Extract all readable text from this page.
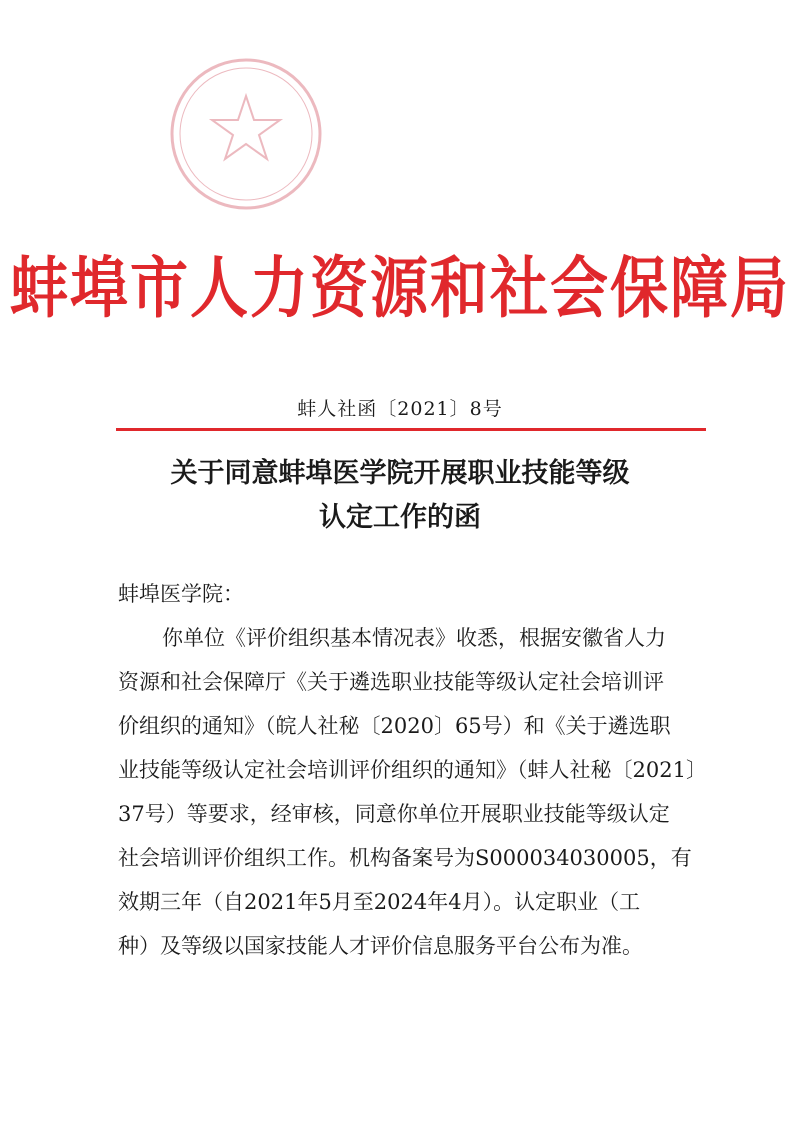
蚌埠市人力资源和社会保障局
蚌人社函〔2021〕8号
关于同意蚌埠医学院开展职业技能等级
认定工作的函
蚌埠医学院：
你单位《评价组织基本情况表》收悉，根据安徽省人力
资源和社会保障厅《关于遴选职业技能等级认定社会培训评
价组织的通知》（皖人社秘〔2020〕65号）和《关于遴选职
业技能等级认定社会培训评价组织的通知》（蚌人社秘〔2021〕
37号）等要求，经审核，同意你单位开展职业技能等级认定
社会培训评价组织工作。机构备案号为S000034030005，有
效期三年（自2021年5月至2024年4月）。认定职业（工
种）及等级以国家技能人才评价信息服务平台公布为准。
